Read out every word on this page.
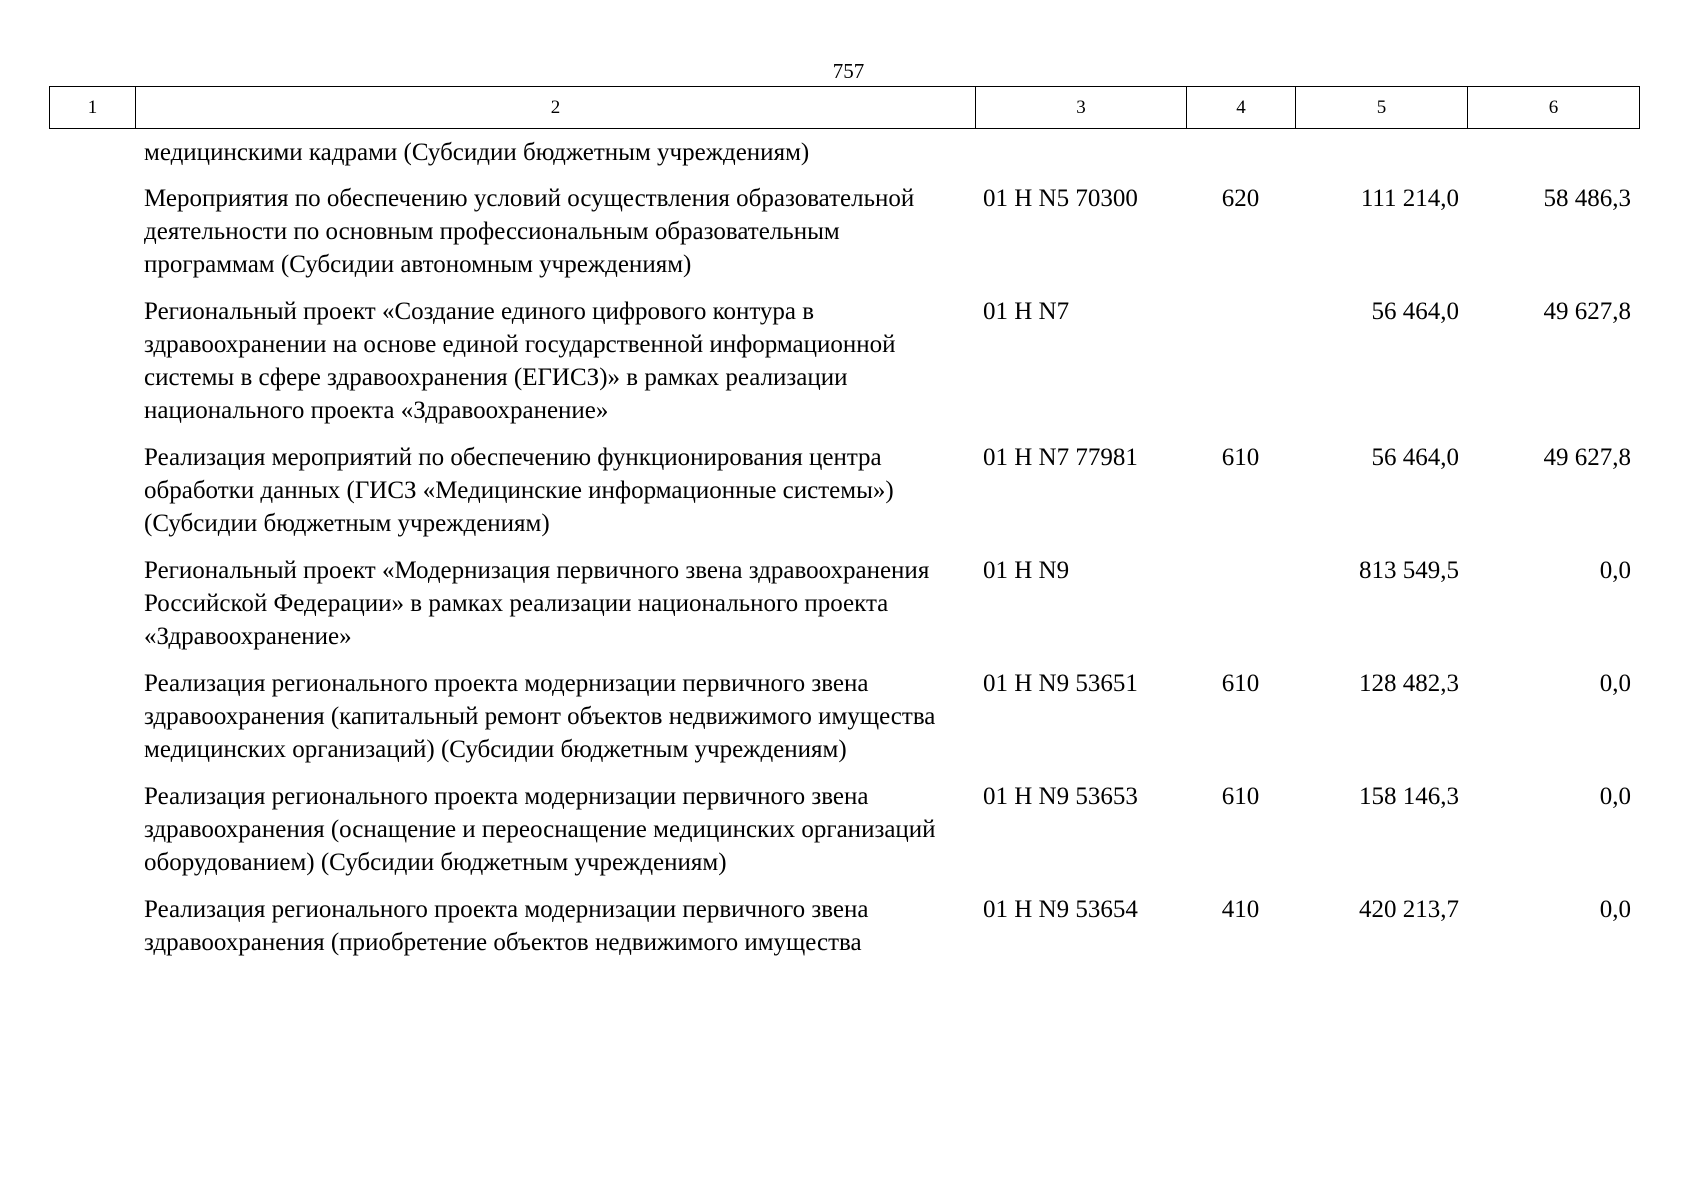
757
1	2	3	4	5	6
	медицинскими кадрами (Субсидии бюджетным учреждениям)				
	Мероприятия по обеспечению условий осуществления образовательной деятельности по основным профессиональным образовательным программам (Субсидии автономным учреждениям)	01 Н N5 70300	620	111 214,0	58 486,3
	Региональный проект «Создание единого цифрового контура в здравоохранении на основе единой государственной информационной системы в сфере здравоохранения (ЕГИСЗ)» в рамках реализации национального проекта «Здравоохранение»	01 Н N7		56 464,0	49 627,8
	Реализация мероприятий по обеспечению функционирования центра обработки данных (ГИСЗ «Медицинские информационные системы») (Субсидии бюджетным учреждениям)	01 Н N7 77981	610	56 464,0	49 627,8
	Региональный проект «Модернизация первичного звена здравоохранения Российской Федерации» в рамках реализации национального проекта «Здравоохранение»	01 Н N9		813 549,5	0,0
	Реализация регионального проекта модернизации первичного звена здравоохранения (капитальный ремонт объектов недвижимого имущества медицинских организаций) (Субсидии бюджетным учреждениям)	01 Н N9 53651	610	128 482,3	0,0
	Реализация регионального проекта модернизации первичного звена здравоохранения (оснащение и переоснащение медицинских организаций оборудованием) (Субсидии бюджетным учреждениям)	01 Н N9 53653	610	158 146,3	0,0
	Реализация регионального проекта модернизации первичного звена здравоохранения (приобретение объектов недвижимого имущества	01 Н N9 53654	410	420 213,7	0,0
